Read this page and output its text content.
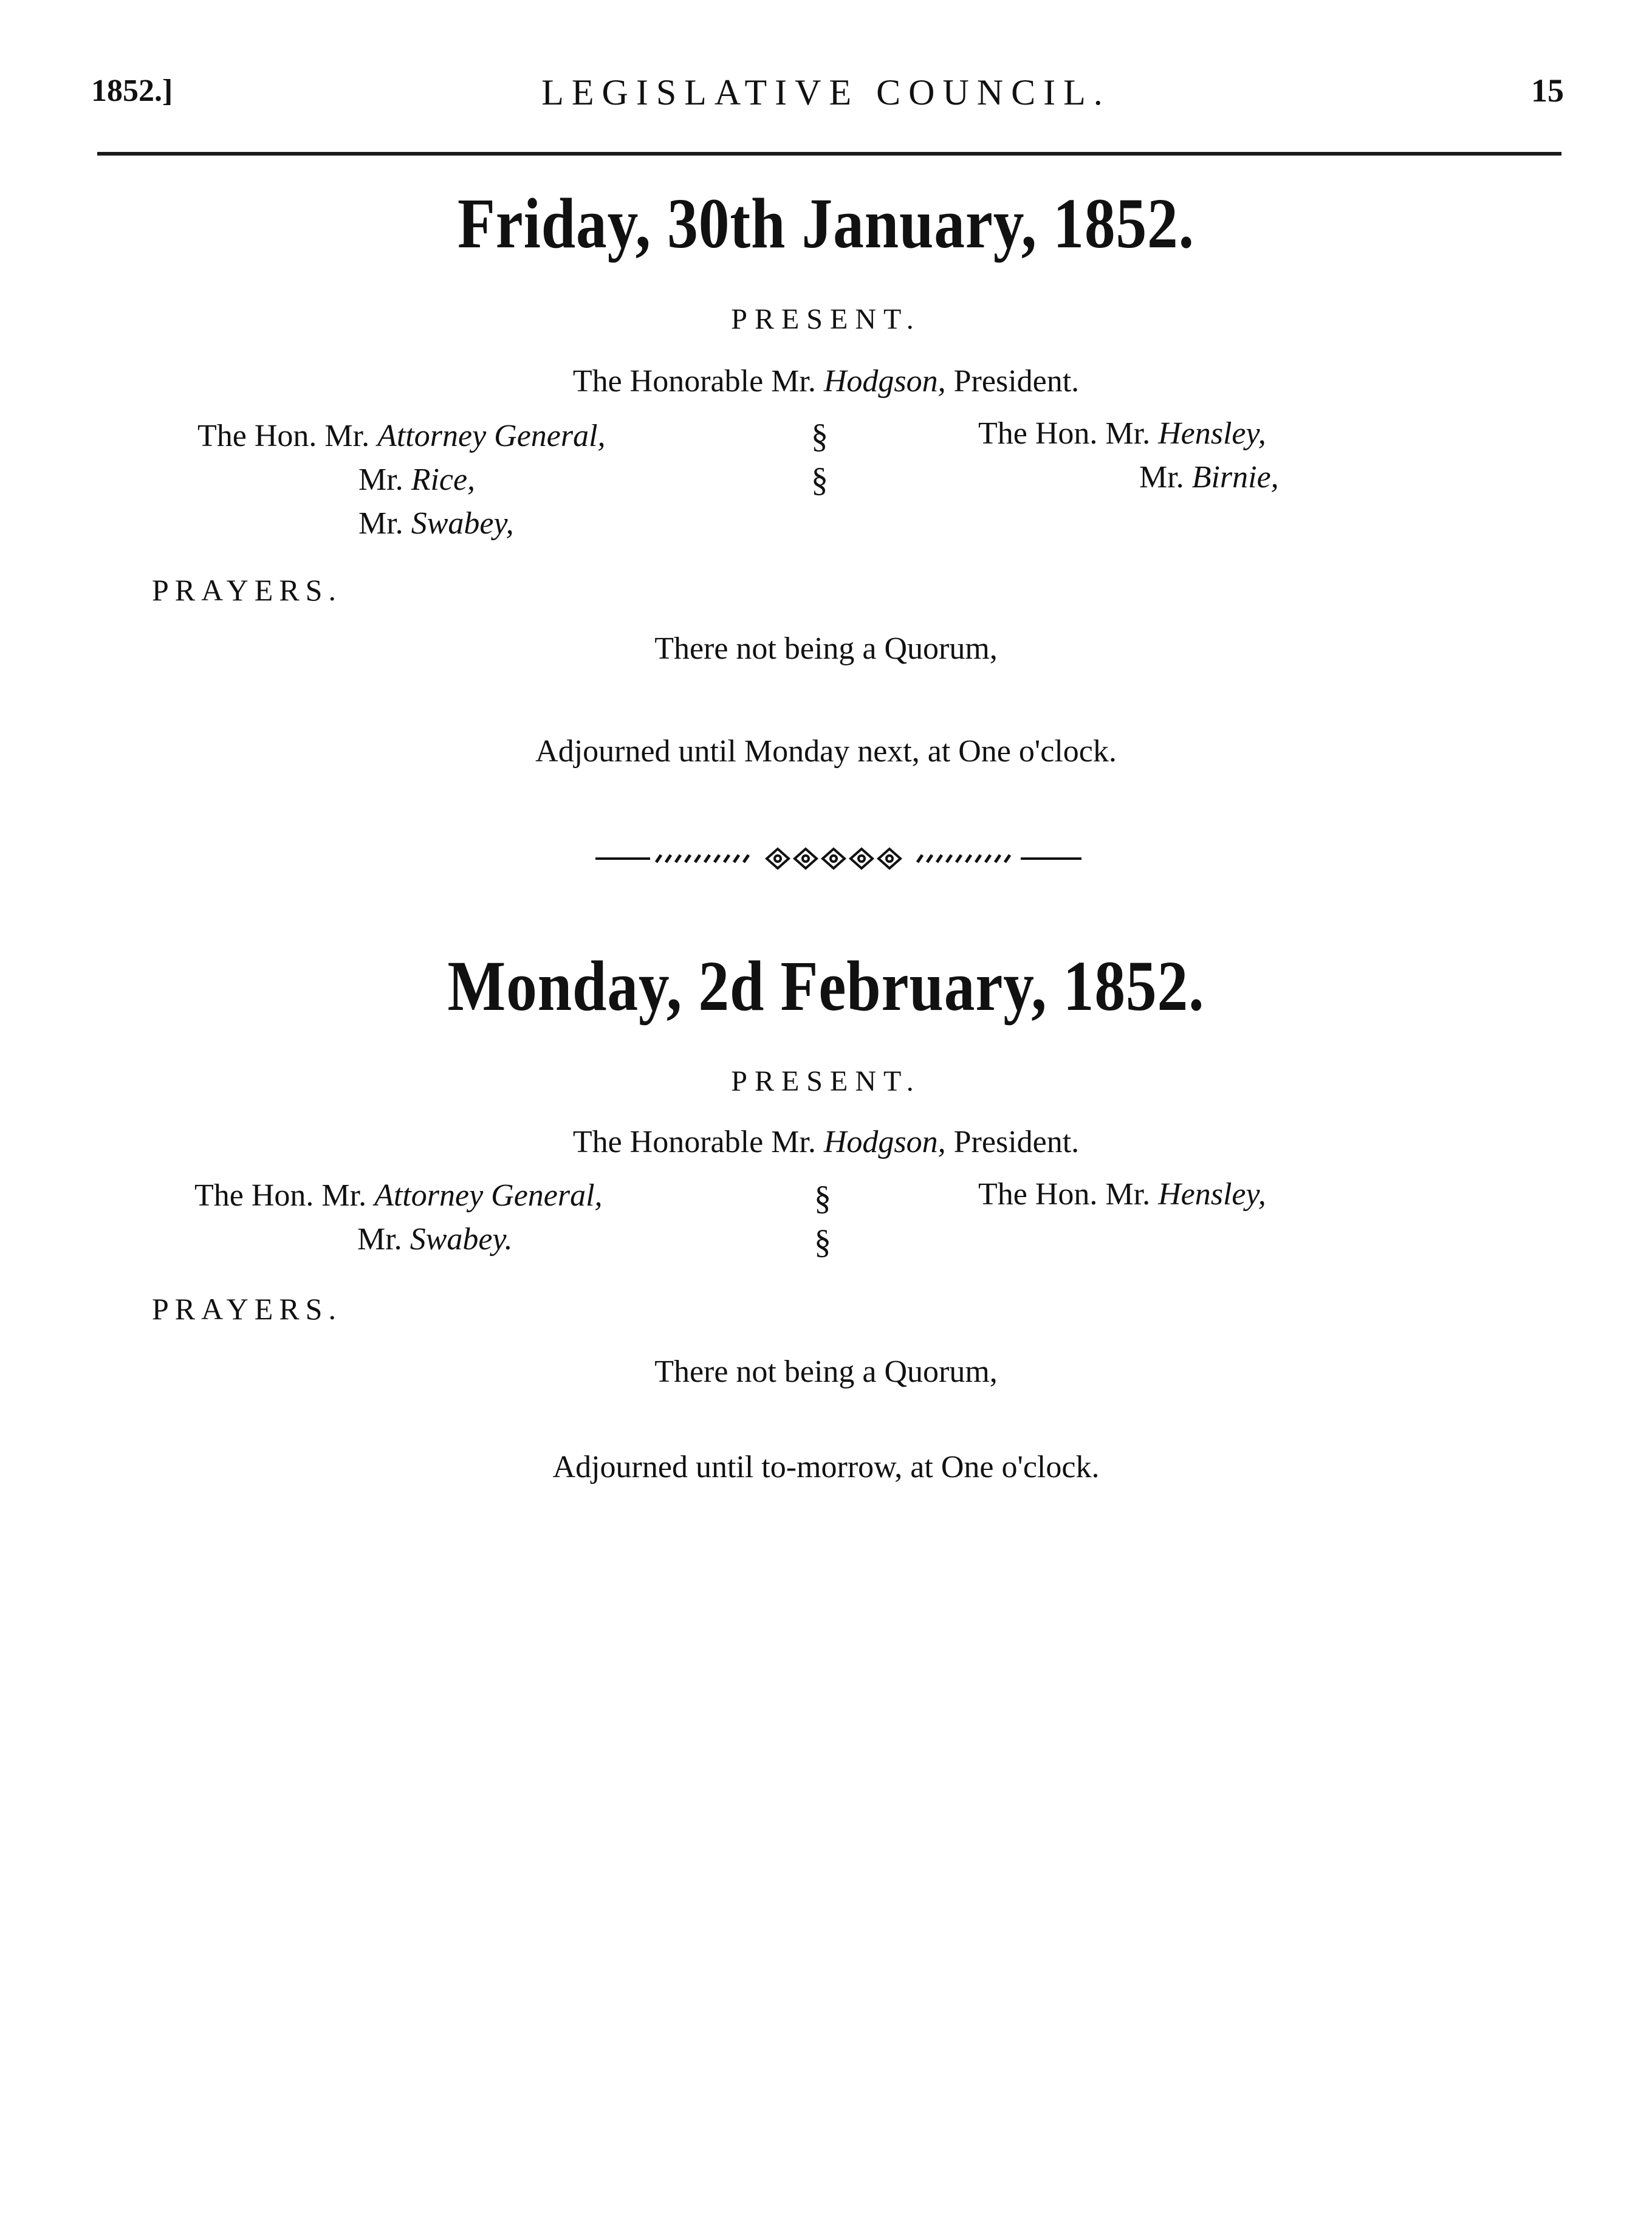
1852.]	LEGISLATIVE COUNCIL.	15
Friday, 30th January, 1852.
PRESENT.
The Honorable Mr. Hodgson, President.
The Hon. Mr. Attorney General,
Mr. Rice,
Mr. Swabey,
§
§
The Hon. Mr. Hensley,
Mr. Birnie,
PRAYERS.
There not being a Quorum,
Adjourned until Monday next, at One o'clock.
Monday, 2d February, 1852.
PRESENT.
The Honorable Mr. Hodgson, President.
The Hon. Mr. Attorney General,
Mr. Swabey.
§
§
The Hon. Mr. Hensley,
PRAYERS.
There not being a Quorum,
Adjourned until to-morrow, at One o'clock.
